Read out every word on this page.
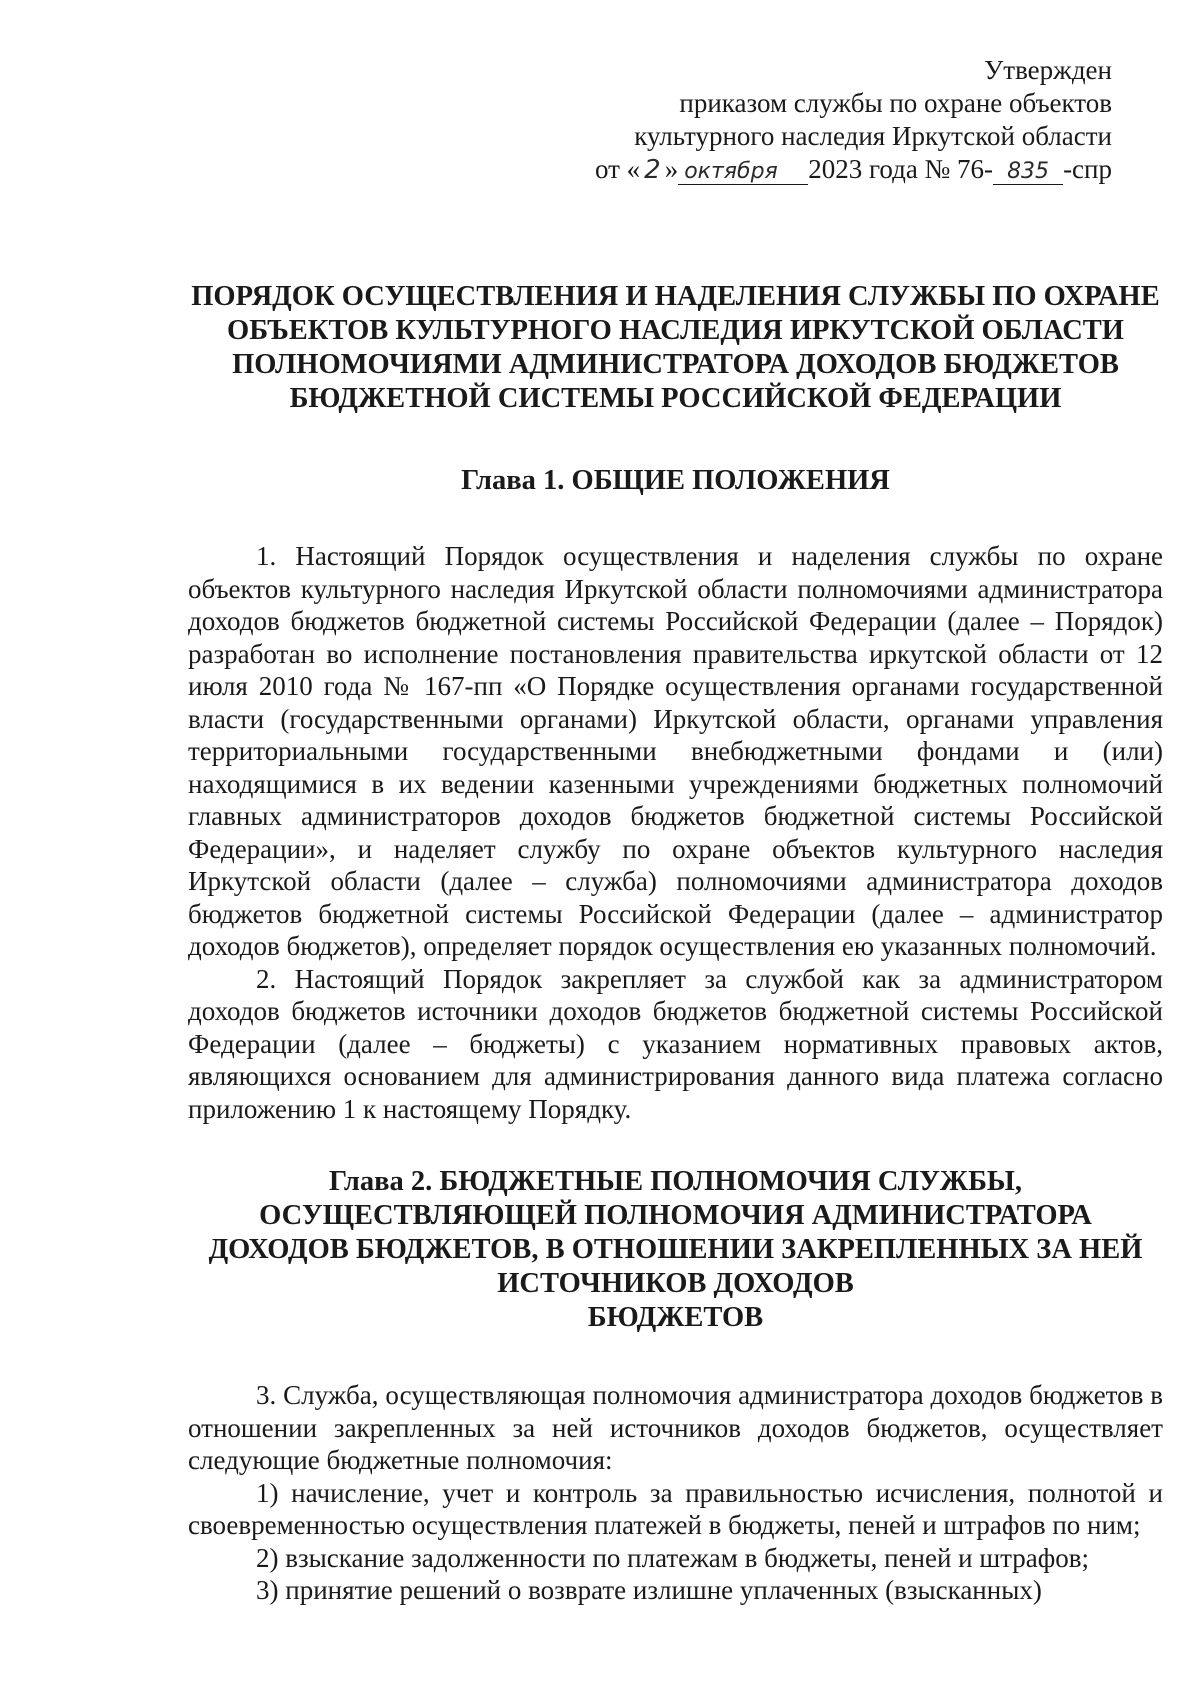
Утвержден
приказом службы по охране объектов
культурного наследия Иркутской области
от « 2 » октября 2023 года № 76- 835 -спр
ПОРЯДОК ОСУЩЕСТВЛЕНИЯ И НАДЕЛЕНИЯ СЛУЖБЫ ПО ОХРАНЕ
ОБЪЕКТОВ КУЛЬТУРНОГО НАСЛЕДИЯ ИРКУТСКОЙ ОБЛАСТИ
ПОЛНОМОЧИЯМИ АДМИНИСТРАТОРА ДОХОДОВ БЮДЖЕТОВ
БЮДЖЕТНОЙ СИСТЕМЫ РОССИЙСКОЙ ФЕДЕРАЦИИ
Глава 1. ОБЩИЕ ПОЛОЖЕНИЯ

1. Настоящий Порядок осуществления и наделения службы по охране объектов культурного наследия Иркутской области полномочиями администратора доходов бюджетов бюджетной системы Российской Федерации (далее – Порядок) разработан во исполнение постановления правительства иркутской области от 12 июля 2010 года № 167-пп «О Порядке осуществления органами государственной власти (государственными органами) Иркутской области, органами управления территориальными государственными внебюджетными фондами и (или) находящимися в их ведении казенными учреждениями бюджетных полномочий главных администраторов доходов бюджетов бюджетной системы Российской Федерации», и наделяет службу по охране объектов культурного наследия Иркутской области (далее – служба) полномочиями администратора доходов бюджетов бюджетной системы Российской Федерации (далее – администратор доходов бюджетов), определяет порядок осуществления ею указанных полномочий.

2. Настоящий Порядок закрепляет за службой как за администратором доходов бюджетов источники доходов бюджетов бюджетной системы Российской Федерации (далее – бюджеты) с указанием нормативных правовых актов, являющихся основанием для администрирования данного вида платежа согласно приложению 1 к настоящему Порядку.

Глава 2. БЮДЖЕТНЫЕ ПОЛНОМОЧИЯ СЛУЖБЫ,
ОСУЩЕСТВЛЯЮЩЕЙ ПОЛНОМОЧИЯ АДМИНИСТРАТОРА
ДОХОДОВ БЮДЖЕТОВ, В ОТНОШЕНИИ ЗАКРЕПЛЕННЫХ ЗА НЕЙ
ИСТОЧНИКОВ ДОХОДОВ
БЮДЖЕТОВ

3. Служба, осуществляющая полномочия администратора доходов бюджетов в отношении закрепленных за ней источников доходов бюджетов, осуществляет следующие бюджетные полномочия:

1) начисление, учет и контроль за правильностью исчисления, полнотой и своевременностью осуществления платежей в бюджеты, пеней и штрафов по ним;

2) взыскание задолженности по платежам в бюджеты, пеней и штрафов;

3) принятие решений о возврате излишне уплаченных (взысканных)
